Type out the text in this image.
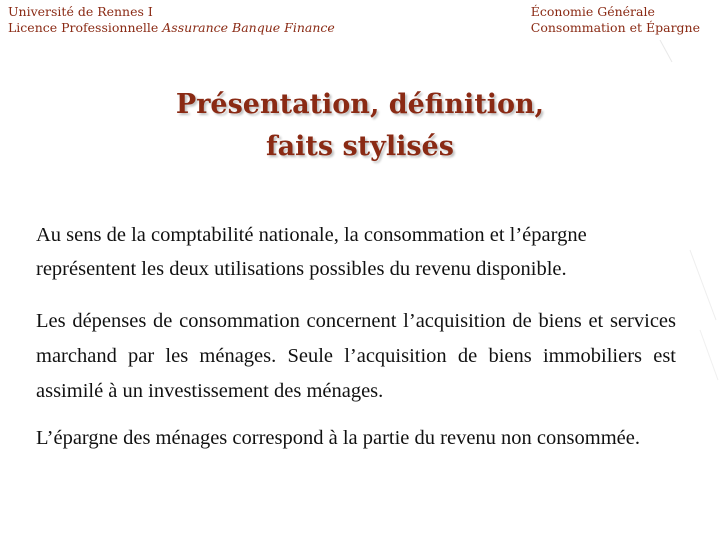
Université de Rennes I
Licence Professionnelle Assurance Banque Finance
Économie Générale
Consommation et Épargne
Présentation, définition,
faits stylisés
Au sens de la comptabilité nationale, la consommation et l’épargne représentent les deux utilisations possibles du revenu disponible.
Les dépenses de consommation concernent l’acquisition de biens et services marchand par les ménages. Seule l’acquisition de biens immobiliers est assimilé à un investissement des ménages.
L’épargne des ménages correspond à la partie du revenu non consommée.
